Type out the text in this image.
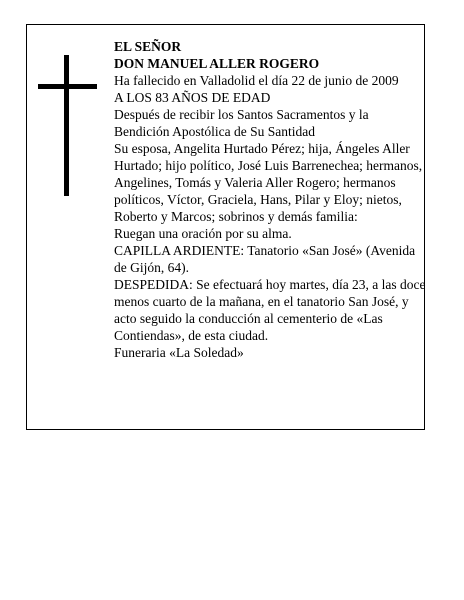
EL SEÑOR

DON MANUEL ALLER ROGERO

Ha fallecido en Valladolid el día 22 de junio de 2009

A LOS 83 AÑOS DE EDAD

Después de recibir los Santos Sacramentos y la Bendición Apostólica de Su Santidad

Su esposa, Angelita Hurtado Pérez; hija, Ángeles Aller Hurtado; hijo político, José Luis Barrenechea; hermanos, Angelines, Tomás y Valeria Aller Rogero; hermanos políticos, Víctor, Graciela, Hans, Pilar y Eloy; nietos, Roberto y Marcos; sobrinos y demás familia:

Ruegan una oración por su alma.

CAPILLA ARDIENTE: Tanatorio «San José» (Avenida de Gijón, 64).

DESPEDIDA: Se efectuará hoy martes, día 23, a las doce menos cuarto de la mañana, en el tanatorio San José, y acto seguido la conducción al cementerio de «Las Contiendas», de esta ciudad.

Funeraria «La Soledad»
